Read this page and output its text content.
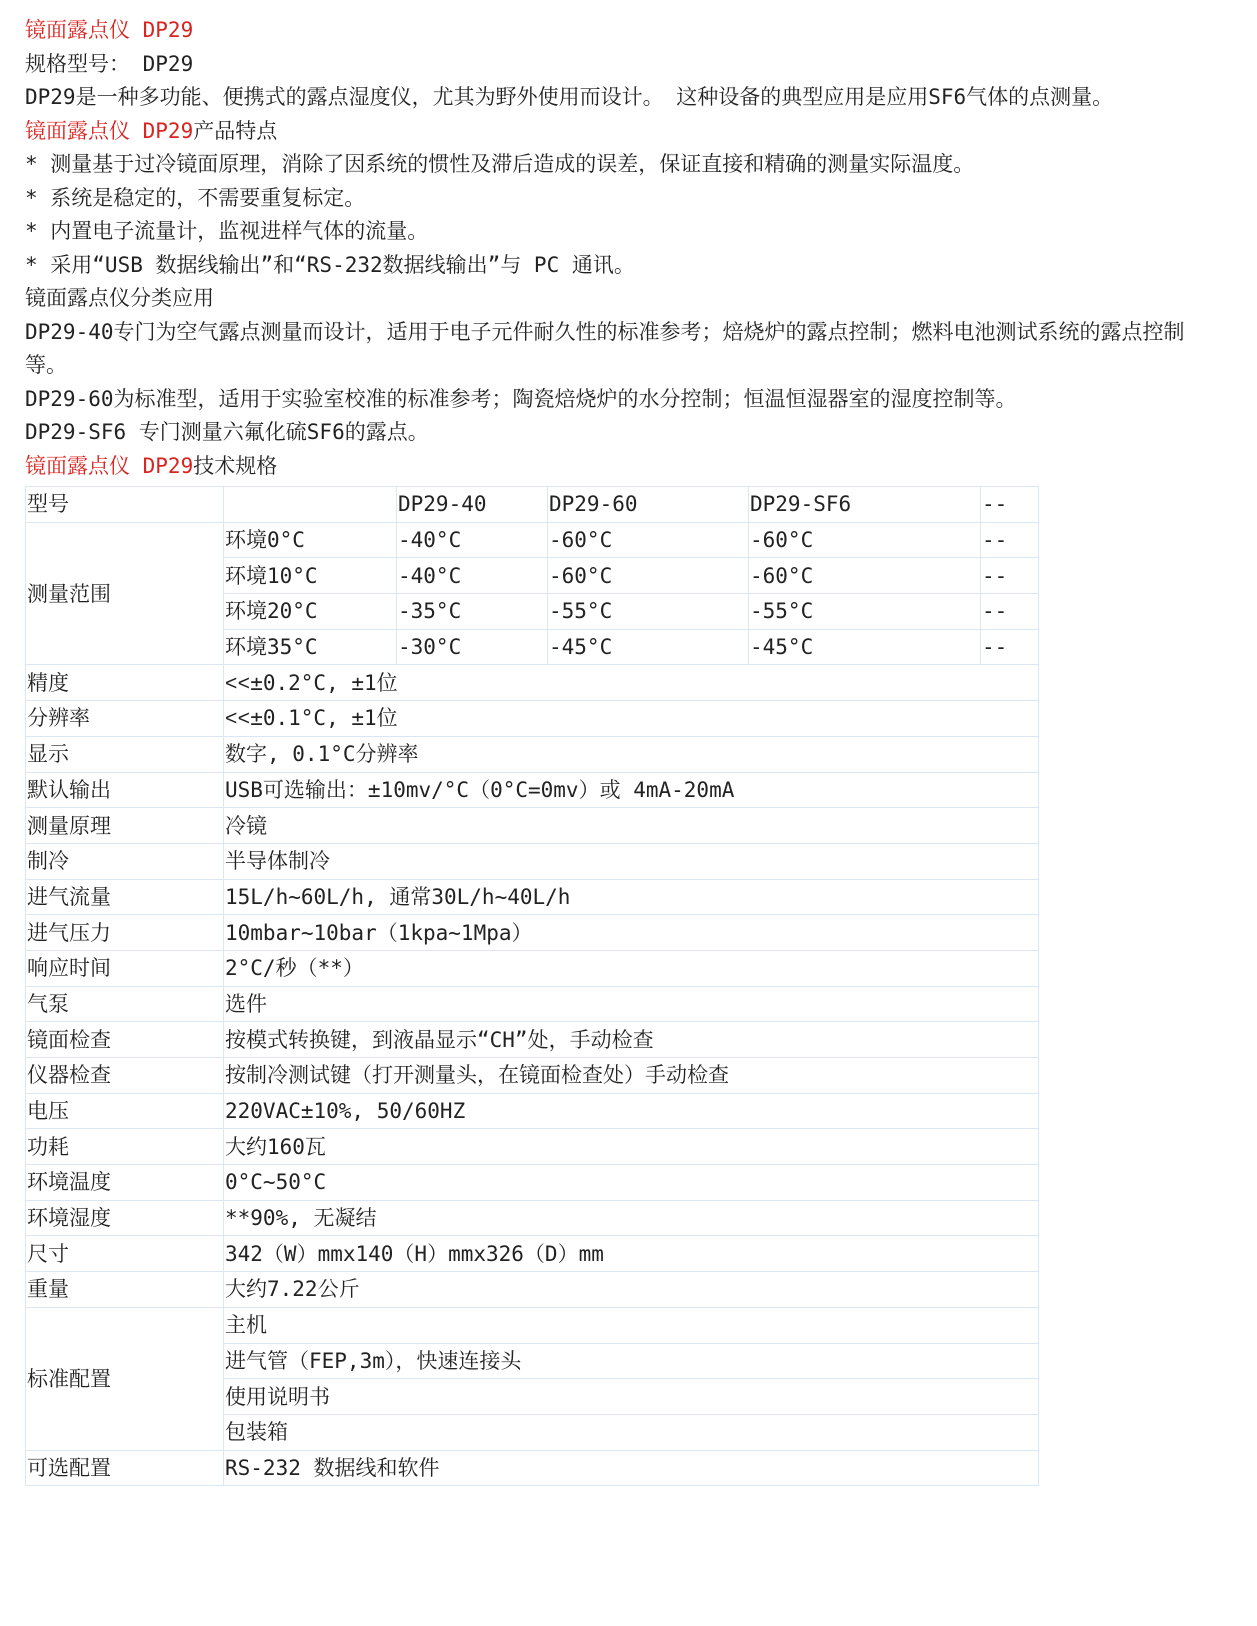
镜面露点仪 DP29

规格型号： DP29

DP29是一种多功能、便携式的露点湿度仪，尤其为野外使用而设计。 这种设备的典型应用是应用SF6气体的点测量。

镜面露点仪 DP29产品特点

* 测量基于过冷镜面原理，消除了因系统的惯性及滞后造成的误差，保证直接和精确的测量实际温度。

* 系统是稳定的，不需要重复标定。

* 内置电子流量计，监视进样气体的流量。

* 采用“USB 数据线输出”和“RS-232数据线输出”与 PC 通讯。

镜面露点仪分类应用

DP29-40专门为空气露点测量而设计，适用于电子元件耐久性的标准参考；焙烧炉的露点控制；燃料电池测试系统的露点控制等。

DP29-60为标准型，适用于实验室校准的标准参考；陶瓷焙烧炉的水分控制；恒温恒湿器室的湿度控制等。

DP29-SF6 专门测量六氟化硫SF6的露点。

镜面露点仪 DP29技术规格

型号		DP29-40	DP29-60	DP29-SF6	--
测量范围	环境0°C	-40°C	-60°C	-60°C	--
	环境10°C	-40°C	-60°C	-60°C	--
	环境20°C	-35°C	-55°C	-55°C	--
	环境35°C	-30°C	-45°C	-45°C	--
精度	˂˂±0.2°C, ±1位				
分辨率	˂˂±0.1°C, ±1位				
显示	数字, 0.1°C分辨率				
默认输出	USB可选输出：±10mv/°C（0°C=0mv）或 4mA-20mA				
测量原理	冷镜				
制冷	半导体制冷				
进气流量	15L/h~60L/h, 通常30L/h~40L/h				
进气压力	10mbar~10bar（1kpa~1Mpa）				
响应时间	2°C/秒（**）				
气泵	选件				
镜面检查	按模式转换键，到液晶显示“CH”处，手动检查				
仪器检查	按制冷测试键（打开测量头，在镜面检查处）手动检查				
电压	220VAC±10%, 50/60HZ				
功耗	大约160瓦				
环境温度	0°C~50°C				
环境湿度	**90%, 无凝结				
尺寸	342（W）mmx140（H）mmx326（D）mm				
重量	大约7.22公斤				
标准配置	主机				
	进气管（FEP,3m），快速连接头				
	使用说明书				
	包装箱				
可选配置	RS-232 数据线和软件				
